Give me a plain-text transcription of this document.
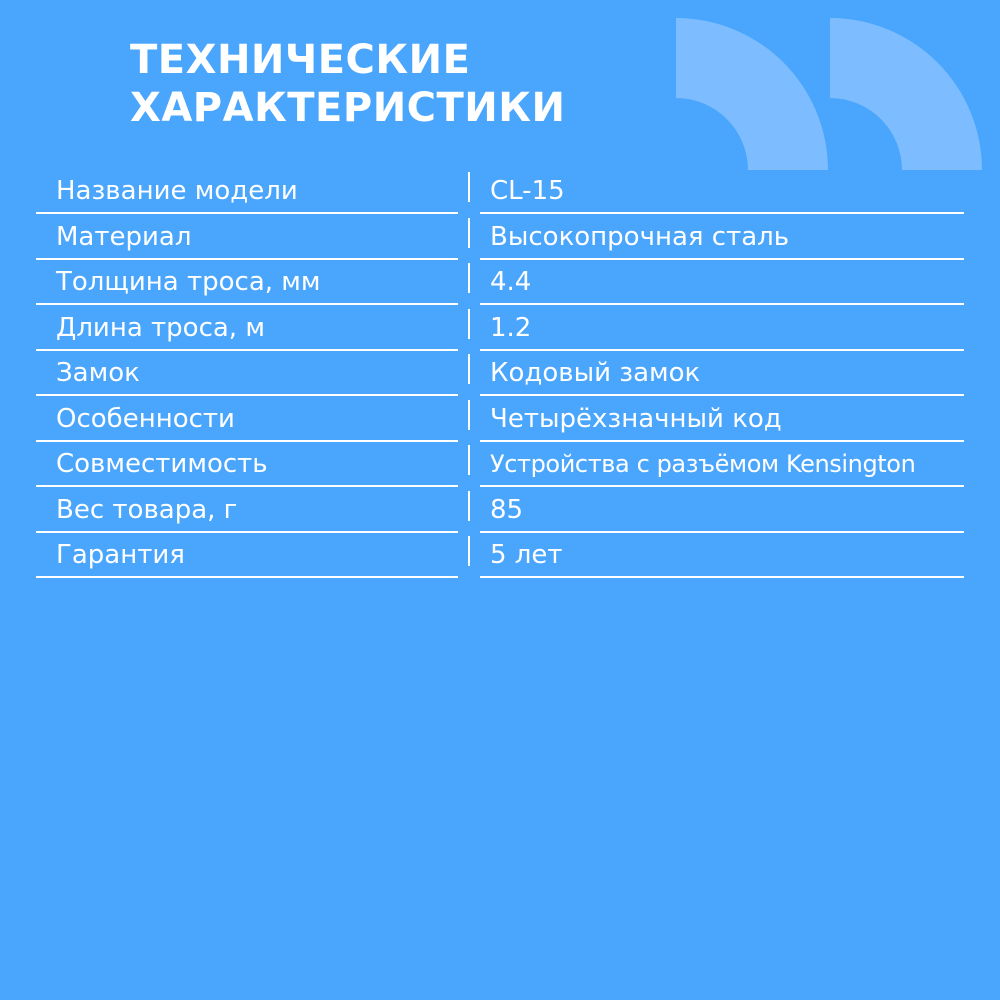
ТЕХНИЧЕСКИЕ
ХАРАКТЕРИСТИКИ
Название модели	CL-15
Материал	Высокопрочная сталь
Толщина троса, мм	4.4
Длина троса, м	1.2
Замок	Кодовый замок
Особенности	Четырёхзначный код
Совместимость	Устройства с разъёмом Kensington
Вес товара, г	85
Гарантия	5 лет
